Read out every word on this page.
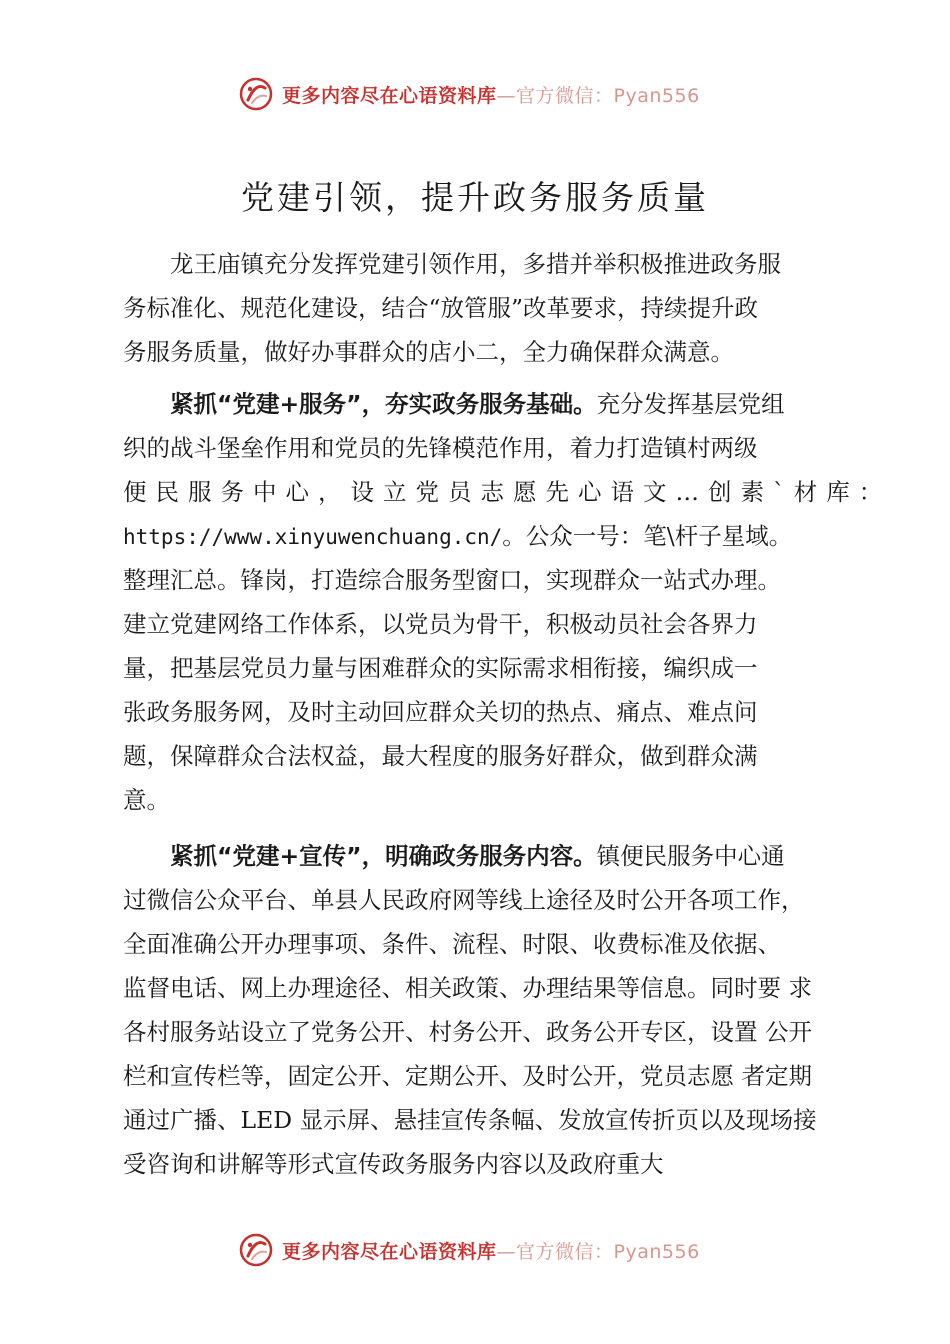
更多内容尽在心语资料库—官方微信：Pyan556
党建引领，提升政务服务质量
龙王庙镇充分发挥党建引领作用，多措并举积极推进政务服
务标准化、规范化建设，结合“放管服”改革要求，持续提升政
务服务质量，做好办事群众的店小二，全力确保群众满意。
紧抓“党建+服务”，夯实政务服务基础。充分发挥基层党组
织的战斗堡垒作用和党员的先锋模范作用，着力打造镇村两级
便民服务中心，设立党员志愿先心语文…创素`材库：
https://www.xinyuwenchuang.cn/。公众一号：笔\杆子星域。
整理汇总。锋岗，打造综合服务型窗口，实现群众一站式办理。
建立党建网络工作体系，以党员为骨干，积极动员社会各界力
量，把基层党员力量与困难群众的实际需求相衔接，编织成一
张政务服务网，及时主动回应群众关切的热点、痛点、难点问
题，保障群众合法权益，最大程度的服务好群众，做到群众满
意。
紧抓“党建+宣传”，明确政务服务内容。镇便民服务中心通
过微信公众平台、单县人民政府网等线上途径及时公开各项工作，
全面准确公开办理事项、条件、流程、时限、收费标准及依据、
监督电话、网上办理途径、相关政策、办理结果等信息。同时要 求
各村服务站设立了党务公开、村务公开、政务公开专区，设置 公开
栏和宣传栏等，固定公开、定期公开、及时公开，党员志愿 者定期
通过广播、LED 显示屏、悬挂宣传条幅、发放宣传折页以及现场接
受咨询和讲解等形式宣传政务服务内容以及政府重大
更多内容尽在心语资料库—官方微信：Pyan556
